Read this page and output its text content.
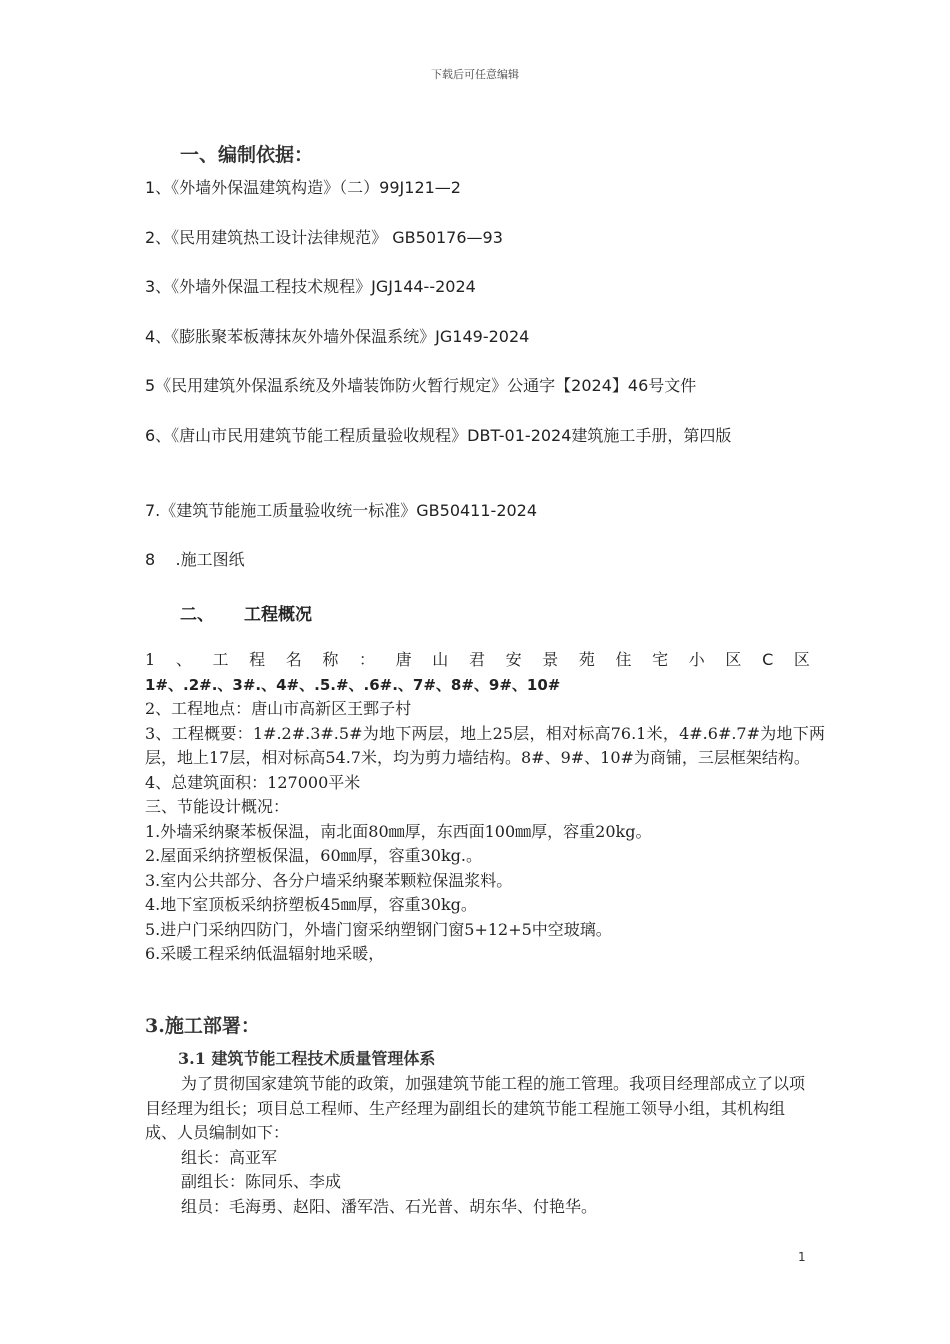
下载后可任意编辑
一、编制依据：
1、《外墙外保温建筑构造》（二）99J121—2
2、《民用建筑热工设计法律规范》 GB50176—93
3、《外墙外保温工程技术规程》JGJ144--2024
4、《膨胀聚苯板薄抹灰外墙外保温系统》JG149-2024
5《民用建筑外保温系统及外墙装饰防火暂行规定》公通字【2024】46号文件
6、《唐山市民用建筑节能工程质量验收规程》DBT-01-2024建筑施工手册，第四版
7.《建筑节能施工质量验收统一标准》GB50411-2024
8    .施工图纸
二、 工程概况
1 、 工 程 名 称 ： 唐 山 君 安 景 苑 住 宅 小 区 C 区

1#、.2#.、3#.、4#、.5.#、.6#.、7#、8#、9#、10#

2、工程地点：唐山市高新区王鄄子村

3、工程概要：1#.2#.3#.5#为地下两层，地上25层，相对标高76.1米，4#.6#.7#为地下两层，地上17层，相对标高54.7米，均为剪力墙结构。8#、9#、10#为商铺，三层框架结构。

4、总建筑面积：127000平米

三、节能设计概况：

1.外墙采纳聚苯板保温，南北面80㎜厚，东西面100㎜厚，容重20kg。

2.屋面采纳挤塑板保温，60㎜厚，容重30kg.。

3.室内公共部分、各分户墙采纳聚苯颗粒保温浆料。

4.地下室顶板采纳挤塑板45㎜厚，容重30kg。

5.进户门采纳四防门，外墙门窗采纳塑钢门窗5+12+5中空玻璃。

6.采暖工程采纳低温辐射地采暖，

3.施工部署：
3.1 建筑节能工程技术质量管理体系

为了贯彻国家建筑节能的政策，加强建筑节能工程的施工管理。我项目经理部成立了以项目经理为组长；项目总工程师、生产经理为副组长的建筑节能工程施工领导小组，其机构组成、人员编制如下：

组长：高亚军

副组长：陈同乐、李成

组员：毛海勇、赵阳、潘军浩、石光普、胡东华、付艳华。

1
